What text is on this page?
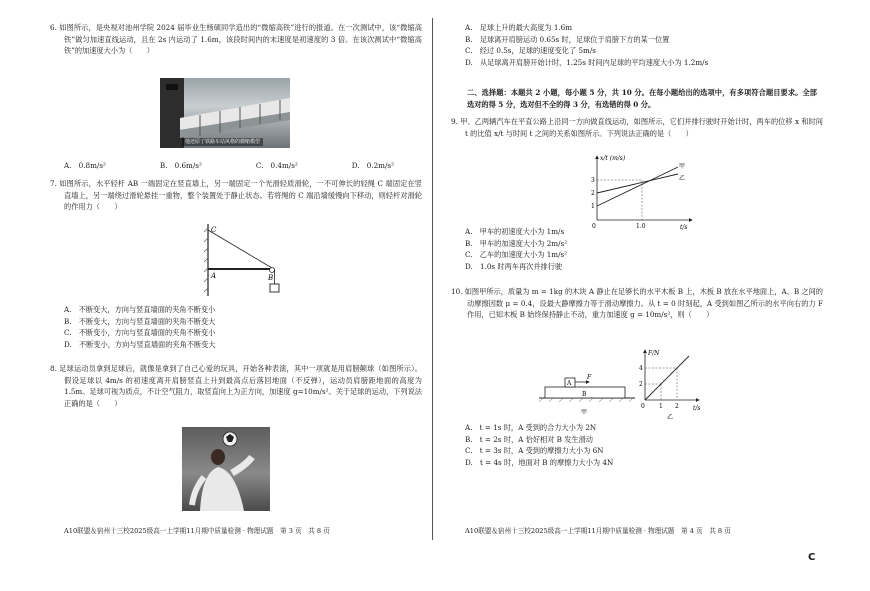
6. 如图所示，是央视对池州学院 2024 届毕业生杨硕同学造出的“微缩高铁”进行的报道。在一次测试中，该“微缩高铁”做匀加速直线运动，且在 2s 内运动了 1.6m，该段时间内的末速度是初速度的 3 倍。在该次测试中“微缩高铁”的加速度大小为（　　）

他还原了铁路车站风格的微缩模型
A.　0.8m/s²	B.　0.6m/s²	C.　0.4m/s²	D.　0.2m/s²

7. 如图所示，水平轻杆 AB 一端固定在竖直墙上，另一端固定一个光滑轻质滑轮，一不可伸长的轻绳 C 端固定在竖直墙上，另一端绕过滑轮悬挂一重物，整个装置处于静止状态。若将绳的 C 端沿墙缓慢向下移动，则轻杆对滑轮的作用力（　　）

C
A	B
A.　不断变大，方向与竖直墙面的夹角不断变小
B.　不断变大，方向与竖直墙面的夹角不断变大
C.　不断变小，方向与竖直墙面的夹角不断变小
D.　不断变小，方向与竖直墙面的夹角不断变大

8. 足球运动员拿到足球后，就像是拿到了自己心爱的玩具，开始各种表演，其中一项就是用肩膀颠球（如图所示）。假设足球以 4m/s 的初速度离开肩膀竖直上升到最高点后落回地面（不反弹），运动员肩膀距地面的高度为 1.5m。足球可视为质点，不计空气阻力，取竖直向上为正方向，加速度 g=10m/s²。关于足球的运动，下列说法正确的是（　　）

A10联盟＆宿州十三校2025级高一上学期11月期中质量检测 · 物理试题　第 3 页　共 8 页
A.　足球上升的最大高度为 1.6m
B.　足球离开肩膀运动 0.65s 时，足球位于肩膀下方的某一位置
C.　经过 0.5s，足球的速度变化了 5m/s
D.　从足球离开肩膀开始计时，1.25s 时间内足球的平均速度大小为 1.2m/s

二、选择题：本题共 2 小题，每小题 5 分，共 10 分。在每小题给出的选项中，有多项符合题目要求。全部选对的得 5 分，选对但不全的得 3 分，有选错的得 0 分。

9. 甲、乙两辆汽车在平直公路上沿同一方向做直线运动，如图所示，它们并排行驶时开始计时，两车的位移 x 和时间 t 的比值 x/t 与时间 t 之间的关系如图所示。下列说法正确的是（　　）

x/t (m/s)
t/s
1
2
3
0	1.0
甲
乙
A.　甲车的初速度大小为 1m/s
B.　甲车的加速度大小为 2m/s²
C.　乙车的加速度大小为 1m/s²
D.　1.0s 时两车再次并排行驶

10. 如图甲所示，质量为 m = 1kg 的木块 A 静止在足够长的水平木板 B 上，木板 B 放在水平地面上，A、B 之间的动摩擦因数 μ = 0.4，设最大静摩擦力等于滑动摩擦力。从 t = 0 时刻起，A 受到如图乙所示的水平向右的力 F 作用，已知木板 B 始终保持静止不动，重力加速度 g = 10m/s²，则（　　）

A
B
F
甲
F/N
t/s
2
4
0 1 2
乙
A.　t = 1s 时，A 受到的合力大小为 2N
B.　t = 2s 时，A 恰好相对 B 发生滑动
C.　t = 3s 时，A 受到的摩擦力大小为 6N
D.　t = 4s 时，地面对 B 的摩擦力大小为 4N
A10联盟＆宿州十三校2025级高一上学期11月期中质量检测 · 物理试题　第 4 页　共 8 页
C
